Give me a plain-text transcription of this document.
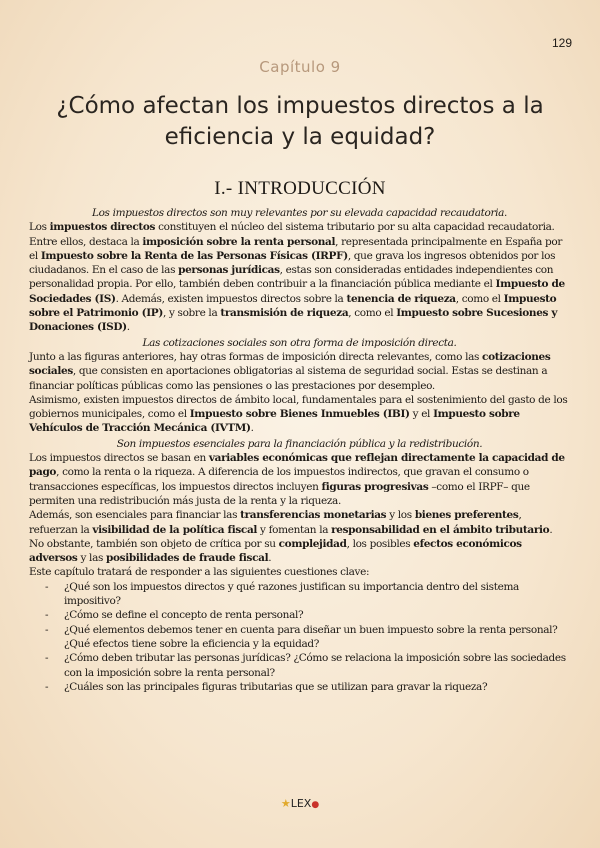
129
Capítulo 9
¿Cómo afectan los impuestos directos a la
eficiencia y la equidad?
I.- INTRODUCCIÓN

Los impuestos directos son muy relevantes por su elevada capacidad recaudatoria.

Los impuestos directos constituyen el núcleo del sistema tributario por su alta capacidad recaudatoria. Entre ellos, destaca la imposición sobre la renta personal, representada principalmente en España por el Impuesto sobre la Renta de las Personas Físicas (IRPF), que grava los ingresos obtenidos por los ciudadanos. En el caso de las personas jurídicas, estas son consideradas entidades independientes con personalidad propia. Por ello, también deben contribuir a la financiación pública mediante el Impuesto de Sociedades (IS). Además, existen impuestos directos sobre la tenencia de riqueza, como el Impuesto sobre el Patrimonio (IP), y sobre la transmisión de riqueza, como el Impuesto sobre Sucesiones y Donaciones (ISD).

Las cotizaciones sociales son otra forma de imposición directa.

Junto a las figuras anteriores, hay otras formas de imposición directa relevantes, como las cotizaciones sociales, que consisten en aportaciones obligatorias al sistema de seguridad social. Estas se destinan a financiar políticas públicas como las pensiones o las prestaciones por desempleo.

Asimismo, existen impuestos directos de ámbito local, fundamentales para el sostenimiento del gasto de los gobiernos municipales, como el Impuesto sobre Bienes Inmuebles (IBI) y el Impuesto sobre Vehículos de Tracción Mecánica (IVTM).

Son impuestos esenciales para la financiación pública y la redistribución.

Los impuestos directos se basan en variables económicas que reflejan directamente la capacidad de pago, como la renta o la riqueza. A diferencia de los impuestos indirectos, que gravan el consumo o transacciones específicas, los impuestos directos incluyen figuras progresivas –como el IRPF– que permiten una redistribución más justa de la renta y la riqueza.

Además, son esenciales para financiar las transferencias monetarias y los bienes preferentes, refuerzan la visibilidad de la política fiscal y fomentan la responsabilidad en el ámbito tributario. No obstante, también son objeto de crítica por su complejidad, los posibles efectos económicos adversos y las posibilidades de fraude fiscal.

Este capítulo tratará de responder a las siguientes cuestiones clave:

- ¿Qué son los impuestos directos y qué razones justifican su importancia dentro del sistema impositivo?
- ¿Cómo se define el concepto de renta personal?
- ¿Qué elementos debemos tener en cuenta para diseñar un buen impuesto sobre la renta personal? ¿Qué efectos tiene sobre la eficiencia y la equidad?
- ¿Cómo deben tributar las personas jurídicas? ¿Cómo se relaciona la imposición sobre las sociedades con la imposición sobre la renta personal?
- ¿Cuáles son las principales figuras tributarias que se utilizan para gravar la riqueza?
★LEX●
